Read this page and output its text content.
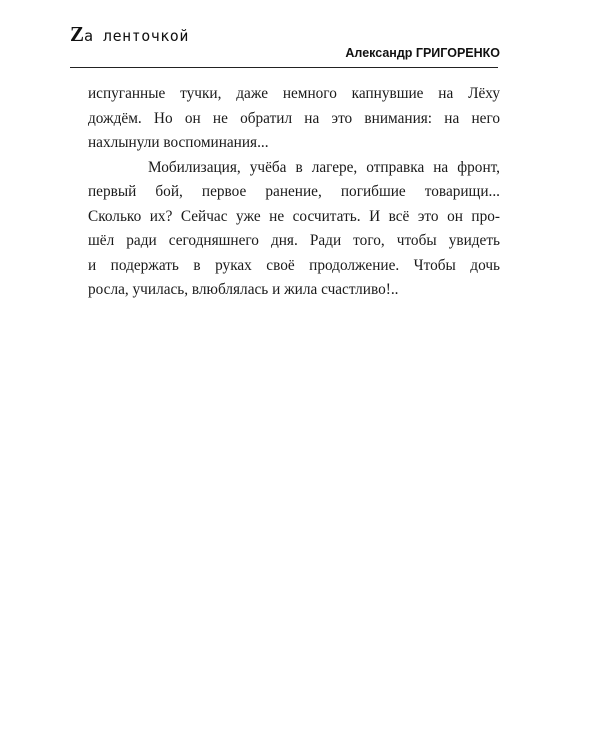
Zа ленточкой
Александр ГРИГОРЕНКО

испуганные тучки, даже немного капнувшие на Лёху
дождём. Но он не обратил на это внимания: на него
нахлынули воспоминания...

Мобилизация, учёба в лагере, отправка на фронт,
первый бой, первое ранение, погибшие товарищи...
Сколько их? Сейчас уже не сосчитать. И всё это он про-
шёл ради сегодняшнего дня. Ради того, чтобы увидеть
и подержать в руках своё продолжение. Чтобы дочь
росла, училась, влюблялась и жила счастливо!..
